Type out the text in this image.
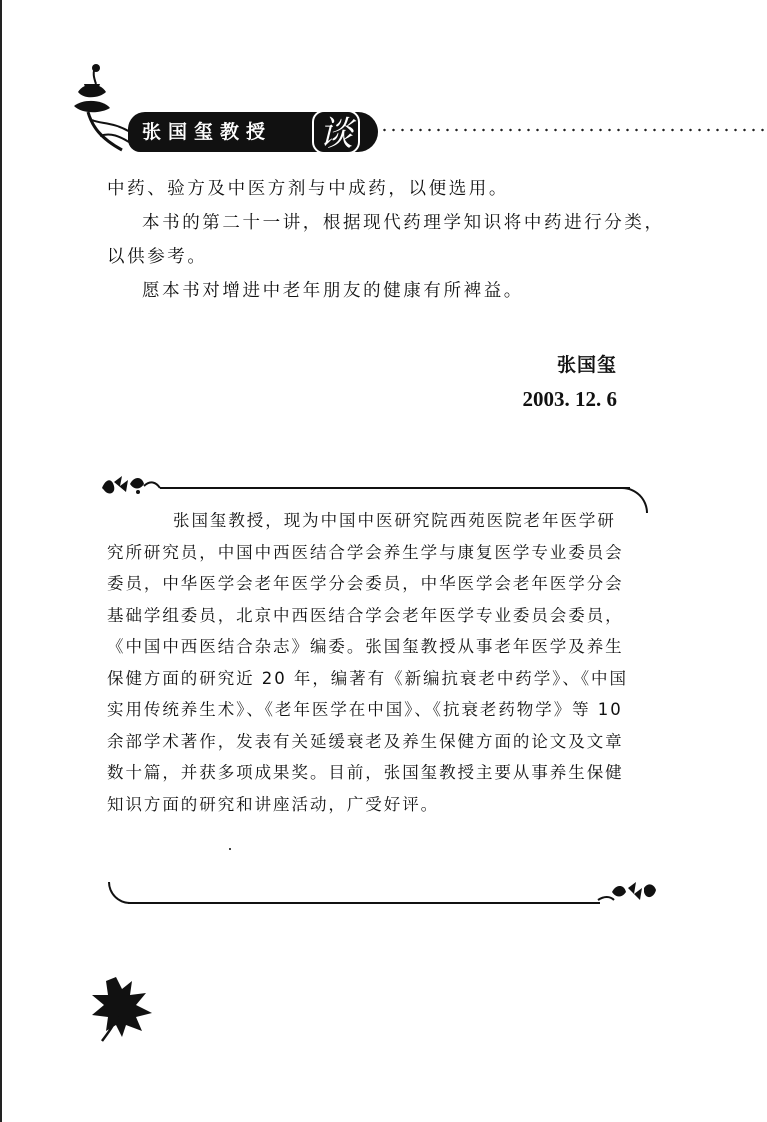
张国玺教授 谈

中药、验方及中医方剂与中成药，以便选用。

本书的第二十一讲，根据现代药理学知识将中药进行分类，以供参考。

愿本书对增进中老年朋友的健康有所裨益。

张国玺
2003. 12. 6

张国玺教授，现为中国中医研究院西苑医院老年医学研究所研究员，中国中西医结合学会养生学与康复医学专业委员会委员，中华医学会老年医学分会委员，中华医学会老年医学分会基础学组委员，北京中西医结合学会老年医学专业委员会委员，《中国中西医结合杂志》编委。张国玺教授从事老年医学及养生保健方面的研究近 20 年，编著有《新编抗衰老中药学》、《中国实用传统养生术》、《老年医学在中国》、《抗衰老药物学》等 10 余部学术著作，发表有关延缓衰老及养生保健方面的论文及文章数十篇，并获多项成果奖。目前，张国玺教授主要从事养生保健知识方面的研究和讲座活动，广受好评。
